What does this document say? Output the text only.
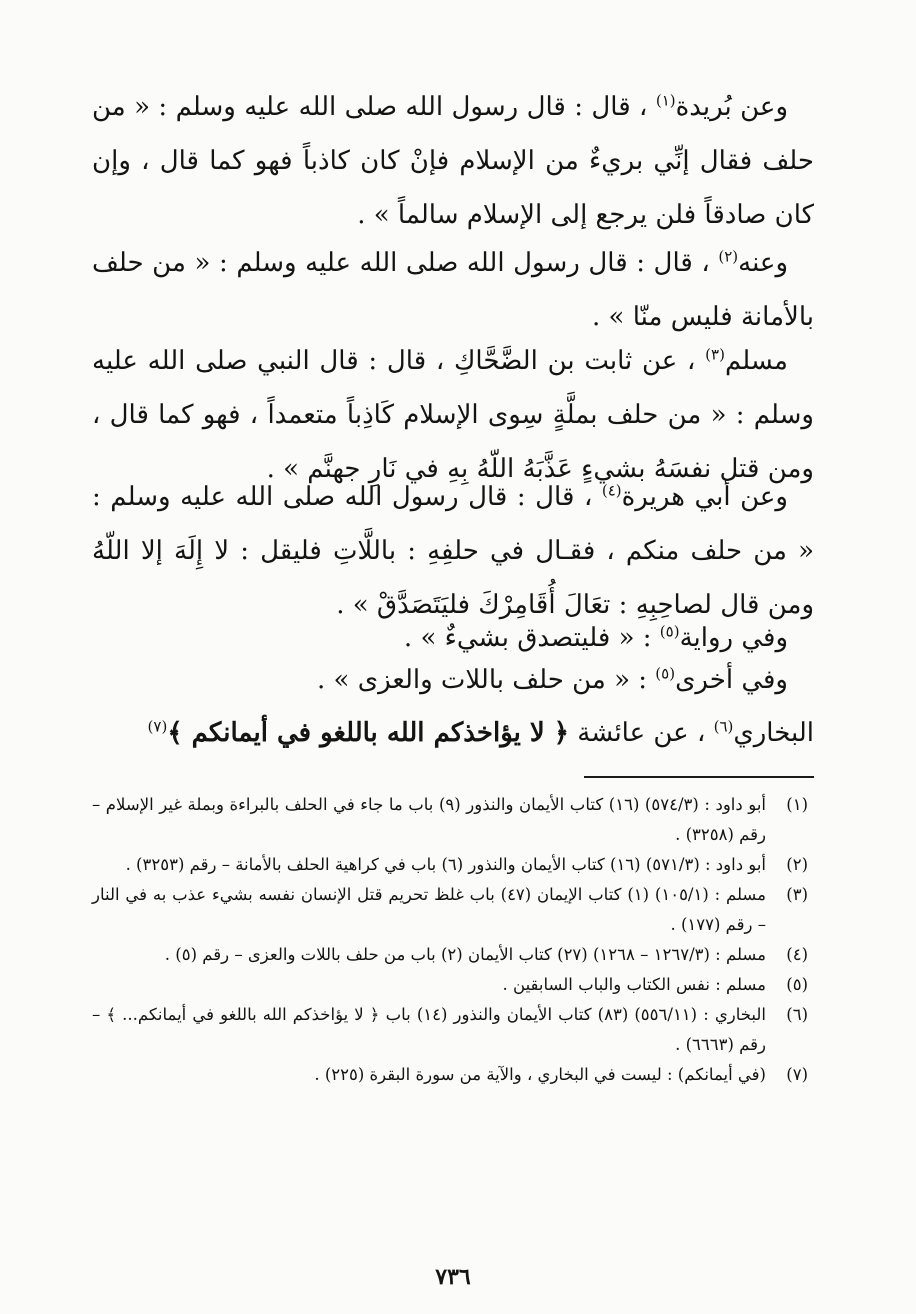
وعن بُريدة$^{(١)}$ ، قال : قال رسول الله صلى الله عليه وسلم : « من حلف فقال إنِّي بريءٌ من الإسلام فإنْ كان كاذباً فهو كما قال ، وإن كان صادقاً فلن يرجع إلى الإسلام سالماً » .

وعنه$^{(٢)}$ ، قال : قال رسول الله صلى الله عليه وسلم : « من حلف بالأمانة فليس منّا » .

مسلم$^{(٣)}$ ، عن ثابت بن الضَّحَّاكِ ، قال : قال النبي صلى الله عليه وسلم : « من حلف بملَّةٍ سِوى الإسلام كَاذِباً متعمداً ، فهو كما قال ، ومن قتل نفسَهُ بشيءٍ عَذَّبَهُ اللّهُ بِهِ في نَارِ جهنَّم » .

وعن أبي هريرة$^{(٤)}$ ، قال : قال رسول الله صلى الله عليه وسلم : « من حلف منكم ، فقـال في حلفِهِ : باللَّاتِ فليقل : لا إِلَهَ إلا اللّهُ ومن قال لصاحِبِهِ : تعَالَ أُقَامِرْكَ فليَتَصَدَّقْ » .

وفي رواية$^{(٥)}$ : « فليتصدق بشيءٌ » .

وفي أخرى$^{(٥)}$ : « من حلف باللات والعزى » .

البخاري$^{(٦)}$ ، عن عائشة ﴿ لا يؤاخذكم الله باللغو في أيمانكم ﴾$^{(٧)}$

(١)
أبو داود : (٥٧٤/٣) (١٦) كتاب الأيمان والنذور (٩) باب ما جاء في الحلف بالبراءة وبملة غير الإسلام – رقم (٣٢٥٨) .
(٢)
أبو داود : (٥٧١/٣) (١٦) كتاب الأيمان والنذور (٦) باب في كراهية الحلف بالأمانة – رقم (٣٢٥٣) .
(٣)
مسلم : (١٠٥/١) (١) كتاب الإيمان (٤٧) باب غلظ تحريم قتل الإنسان نفسه بشيء عذب به في النار – رقم (١٧٧) .
(٤)
مسلم : (١٢٦٧/٣ – ١٢٦٨) (٢٧) كتاب الأيمان (٢) باب من حلف باللات والعزى – رقم (٥) .
(٥)
مسلم : نفس الكتاب والباب السابقين .
(٦)
البخاري : (٥٥٦/١١) (٨٣) كتاب الأيمان والنذور (١٤) باب ﴿ لا يؤاخذكم الله باللغو في أيمانكم... ﴾ – رقم (٦٦٦٣) .
(٧)
(في أيمانكم) : ليست في البخاري ، والآية من سورة البقرة (٢٢٥) .
٧٣٦
